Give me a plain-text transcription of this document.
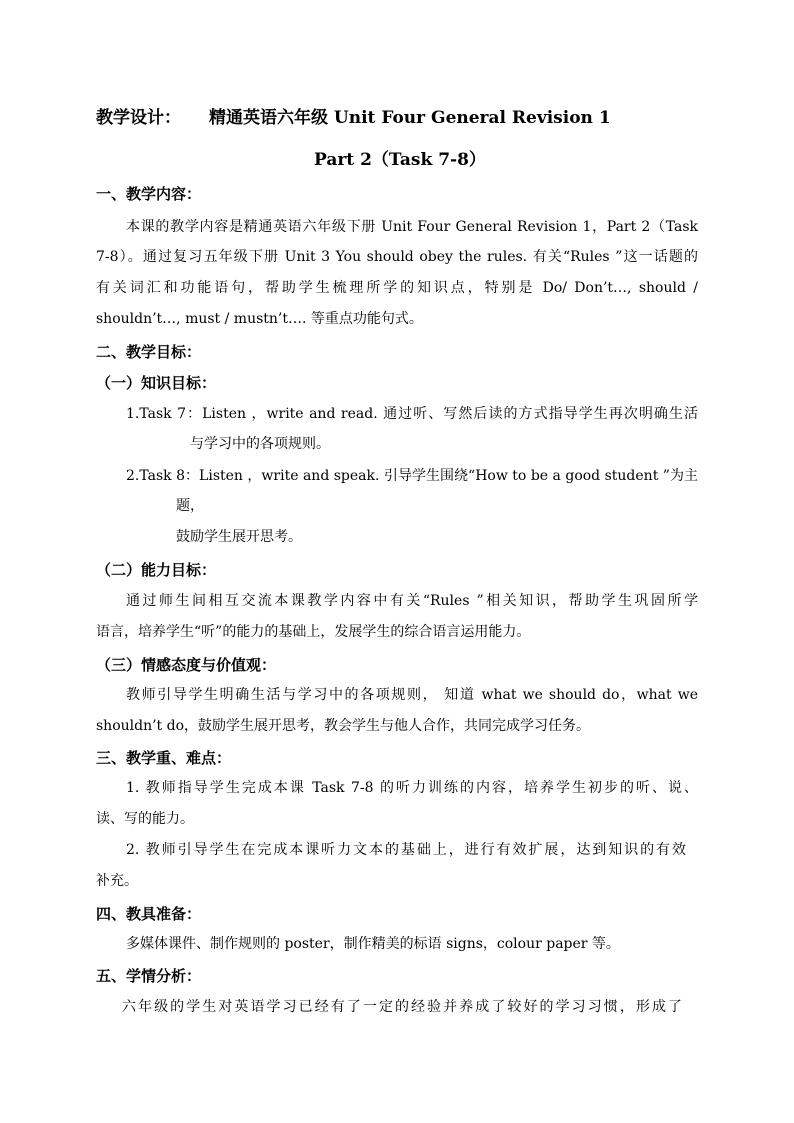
教学设计： 精通英语六年级 Unit Four General Revision 1
Part 2（Task 7-8）
一、教学内容：
本课的教学内容是精通英语六年级下册 Unit Four General Revision 1，Part 2（Task
7-8）。通过复习五年级下册 Unit 3 You should obey the rules. 有关“Rules ”这一话题的
有关词汇和功能语句，帮助学生梳理所学的知识点，特别是 Do/ Don’t…, should /
shouldn’t…, must / mustn’t…. 等重点功能句式。
二、教学目标：
（一）知识目标：
1.Task 7：Listen ，write and read. 通过听、写然后读的方式指导学生再次明确生活
与学习中的各项规则。
2.Task 8：Listen ，write and speak. 引导学生围绕“How to be a good student ”为主
题，
鼓励学生展开思考。
（二）能力目标：
通过师生间相互交流本课教学内容中有关“Rules ”相关知识，帮助学生巩固所学
语言，培养学生“听”的能力的基础上，发展学生的综合语言运用能力。
（三）情感态度与价值观：
教师引导学生明确生活与学习中的各项规则， 知道 what we should do，what we
shouldn’t do，鼓励学生展开思考，教会学生与他人合作，共同完成学习任务。
三、教学重、难点：
1. 教师指导学生完成本课 Task 7-8 的听力训练的内容，培养学生初步的听、说、
读、写的能力。
2. 教师引导学生在完成本课听力文本的基础上，进行有效扩展，达到知识的有效
补充。
四、教具准备：
多媒体课件、制作规则的 poster，制作精美的标语 signs，colour paper 等。
五、学情分析：
六年级的学生对英语学习已经有了一定的经验并养成了较好的学习习惯，形成了
